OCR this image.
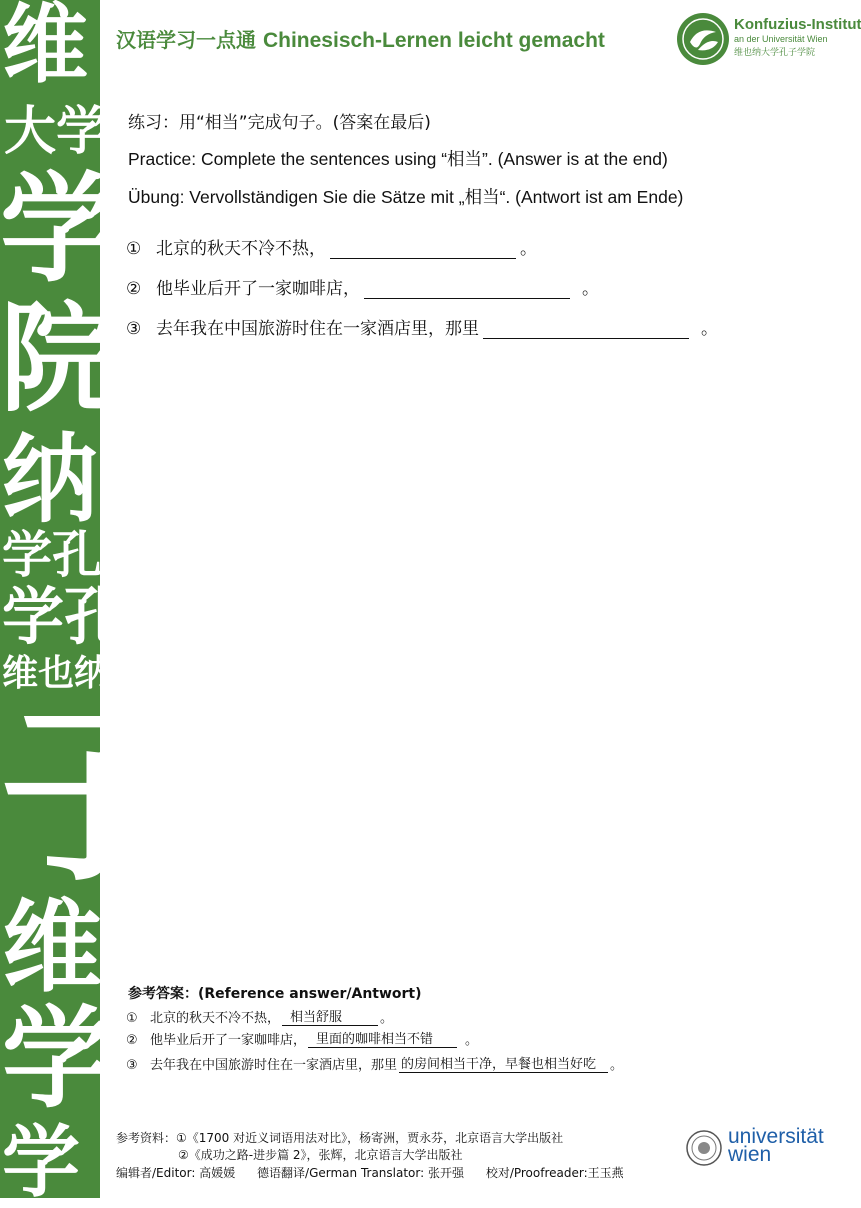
维
大学
学
院
纳
学孔
学孔
维也纳
子
维
学
学
汉语学习一点通 Chinesisch-Lernen leicht gemacht
Konfuzius-Institut
an der Universität Wien
维也纳大学孔子学院
练习：用“相当”完成句子。(答案在最后)
Practice: Complete the sentences using “相当”. (Answer is at the end)
Übung: Vervollständigen Sie die Sätze mit „相当“. (Antwort ist am Ende)
① 北京的秋天不冷不热，	。
② 他毕业后开了一家咖啡店，	。
③ 去年我在中国旅游时住在一家酒店里，那里	。
参考答案：(Reference answer/Antwort)
① 北京的秋天不冷不热， 相当舒服	。
② 他毕业后开了一家咖啡店， 里面的咖啡相当不错	。
③ 去年我在中国旅游时住在一家酒店里，那里 的房间相当干净，早餐也相当好吃	。
参考资料：①《1700 对近义词语用法对比》，杨寄洲，贾永芬，北京语言大学出版社
②《成功之路-进步篇 2》，张辉，北京语言大学出版社
编辑者/Editor: 高媛媛 德语翻译/German Translator: 张开强 校对/Proofreader:王玉燕
universität
wien
